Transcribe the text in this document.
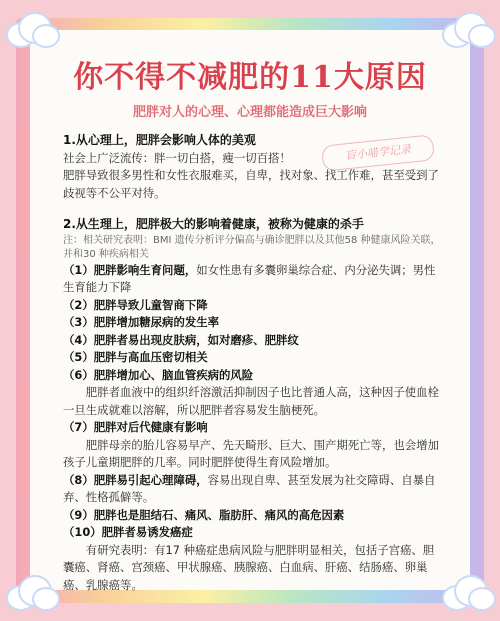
你不得不减肥的11大原因
肥胖对人的心理、心理都能造成巨大影响
盲小喵学记录

1.从心理上，肥胖会影响人体的美观

社会上广泛流传：胖一切白搭，瘦一切百搭！

肥胖导致很多男性和女性衣服难买，自卑，找对象、找工作难，甚至受到了歧视等不公平对待。

2.从生理上，肥胖极大的影响着健康，被称为健康的杀手

注：相关研究表明：BMI 遗传分析评分偏高与确诊肥胖以及其他58 种健康风险关联，并和30 种疾病相关

（1）肥胖影响生育问题，如女性患有多囊卵巢综合症、内分泌失调；男性生育能力下降

（2）肥胖导致儿童智商下降

（3）肥胖增加糖尿病的发生率

（4）肥胖者易出现皮肤病，如对磨疹、肥胖纹

（5）肥胖与高血压密切相关

（6）肥胖增加心、脑血管疾病的风险

肥胖者血液中的组织纤溶激活抑制因子也比普通人高，这种因子使血栓一旦生成就难以溶解，所以肥胖者容易发生脑梗死。

（7）肥胖对后代健康有影响

肥胖母亲的胎儿容易早产、先天畸形、巨大、围产期死亡等，也会增加孩子儿童期肥胖的几率。同时肥胖使得生育风险增加。

（8）肥胖易引起心理障碍，容易出现自卑、甚至发展为社交障碍、自暴自弃、性格孤僻等。

（9）肥胖也是胆结石、痛风、脂肪肝、痛风的高危因素

（10）肥胖者易诱发癌症

有研究表明：有17 种癌症患病风险与肥胖明显相关，包括子宫癌、胆囊癌、肾癌、宫颈癌、甲状腺癌、胰腺癌、白血病、肝癌、结肠癌、卵巢癌、乳腺癌等。
